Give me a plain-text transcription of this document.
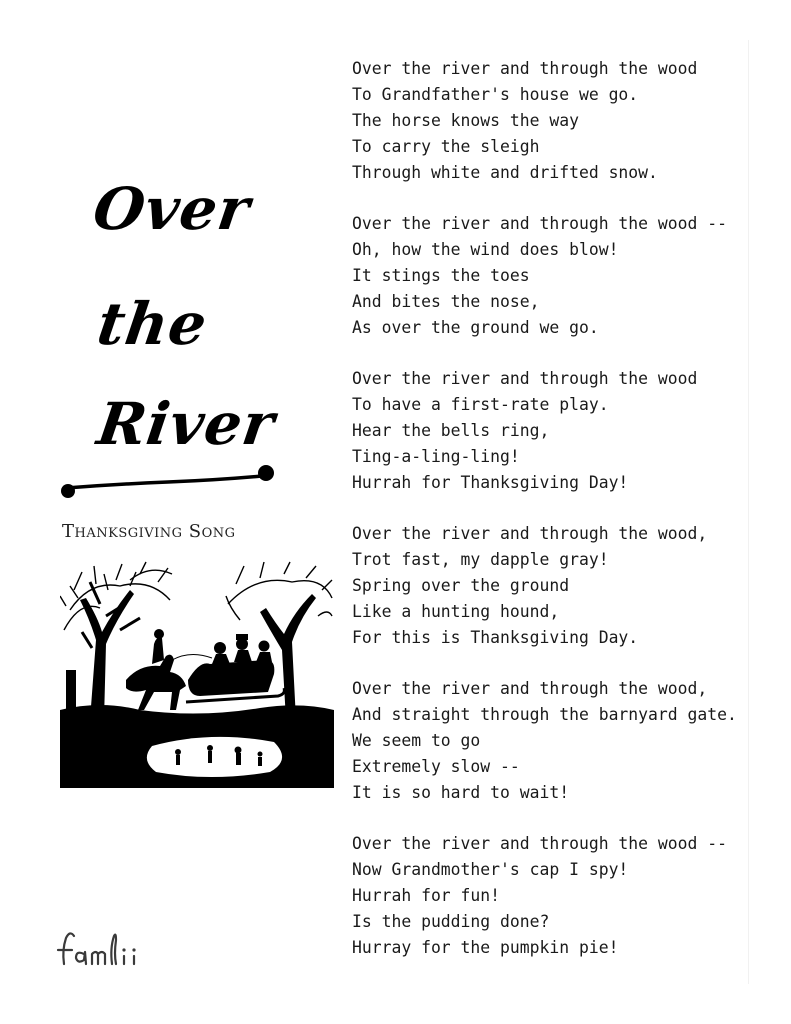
Over
the
River
Thanksgiving Song
Over the river and through the wood
To Grandfather's house we go.
The horse knows the way
To carry the sleigh
Through white and drifted snow.
Over the river and through the wood --
Oh, how the wind does blow!
It stings the toes
And bites the nose,
As over the ground we go.
Over the river and through the wood
To have a first-rate play.
Hear the bells ring,
Ting-a-ling-ling!
Hurrah for Thanksgiving Day!
Over the river and through the wood,
Trot fast, my dapple gray!
Spring over the ground
Like a hunting hound,
For this is Thanksgiving Day.
Over the river and through the wood,
And straight through the barnyard gate.
We seem to go
Extremely slow --
It is so hard to wait!
Over the river and through the wood --
Now Grandmother's cap I spy!
Hurrah for fun!
Is the pudding done?
Hurray for the pumpkin pie!
